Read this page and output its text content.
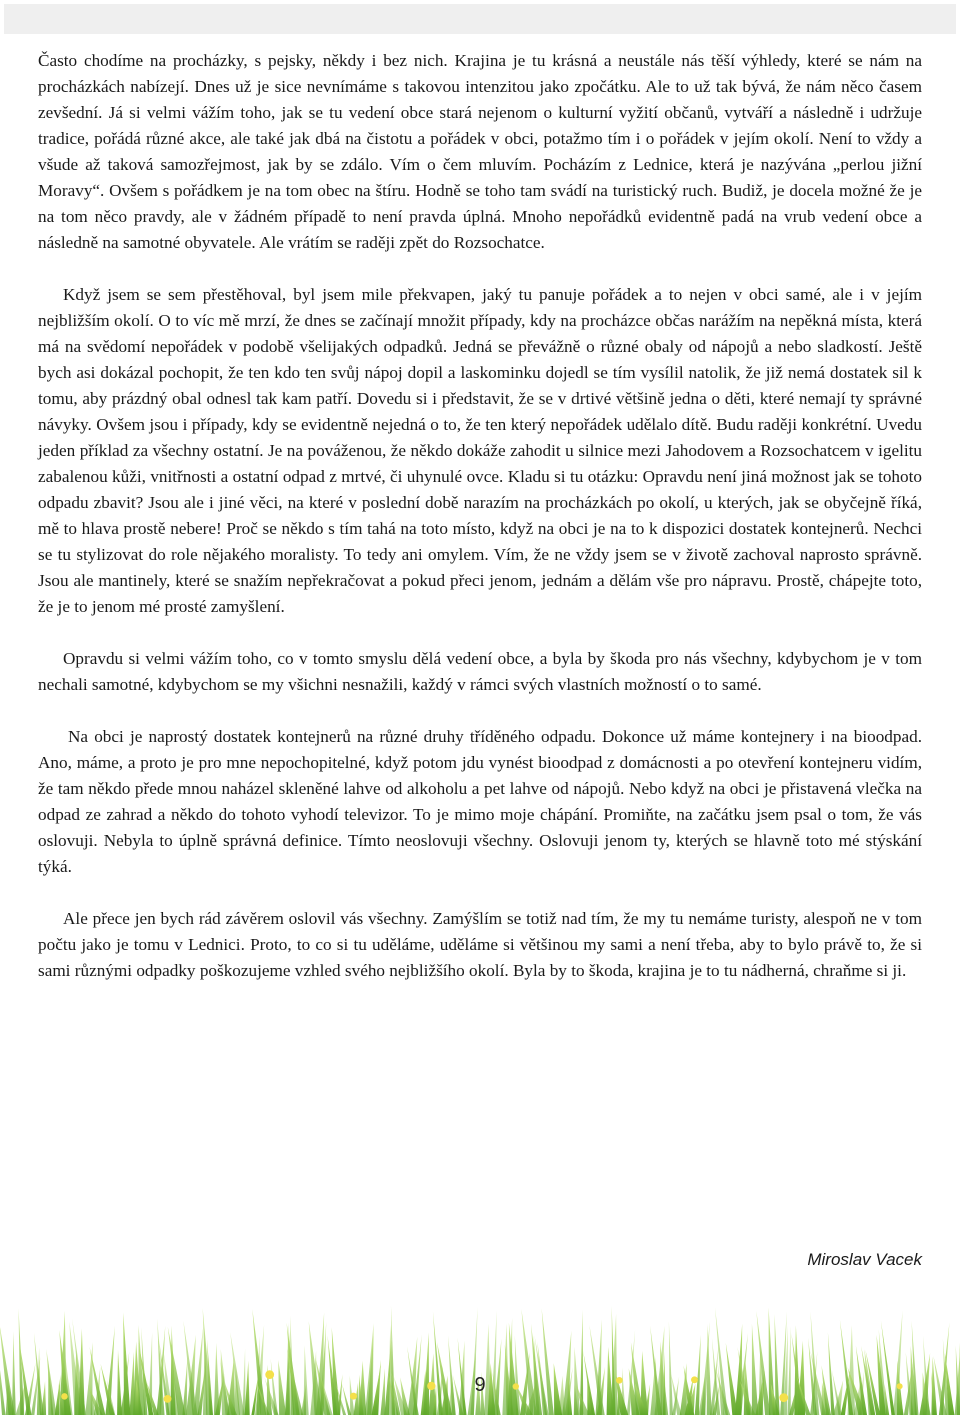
Často chodíme na procházky, s pejsky, někdy i bez nich. Krajina je tu krásná a neustále nás těší výhledy, které se nám na procházkách nabízejí. Dnes už je sice nevnímáme s takovou intenzitou jako zpočátku. Ale to už tak bývá, že nám něco časem zevšední. Já si velmi vážím toho, jak se tu vedení obce stará nejenom o kulturní vyžití občanů, vytváří a následně i udržuje tradice, pořádá různé akce, ale také jak dbá na čistotu a pořádek v obci, potažmo tím i o pořádek v jejím okolí. Není to vždy a všude až taková samozřejmost, jak by se zdálo. Vím o čem mluvím. Pocházím z Lednice, která je nazývána „perlou jižní Moravy“. Ovšem s pořádkem je na tom obec na štíru. Hodně se toho tam svádí na turistický ruch. Budiž, je docela možné že je na tom něco pravdy, ale v žádném případě to není pravda úplná. Mnoho nepořádků evidentně padá na vrub vedení obce a následně na samotné obyvatele. Ale vrátím se raději zpět do Rozsochatce.

Když jsem se sem přestěhoval, byl jsem mile překvapen, jaký tu panuje pořádek a to nejen v obci samé, ale i v jejím nejbližším okolí. O to víc mě mrzí, že dnes se začínají množit případy, kdy na procházce občas narážím na nepěkná místa, která má na svědomí nepořádek v podobě všelijakých odpadků. Jedná se převážně o různé obaly od nápojů a nebo sladkostí. Ještě bych asi dokázal pochopit, že ten kdo ten svůj nápoj dopil a laskominku dojedl se tím vysílil natolik, že již nemá dostatek sil k tomu, aby prázdný obal odnesl tak kam patří. Dovedu si i představit, že se v drtivé většině jedna o děti, které nemají ty správné návyky. Ovšem jsou i případy, kdy se evidentně nejedná o to, že ten který nepořádek udělalo dítě. Budu raději konkrétní. Uvedu jeden příklad za všechny ostatní. Je na pováženou, že někdo dokáže zahodit u silnice mezi Jahodovem a Rozsochatcem v igelitu zabalenou kůži, vnitřnosti a ostatní odpad z mrtvé, či uhynulé ovce. Kladu si tu otázku: Opravdu není jiná možnost jak se tohoto odpadu zbavit? Jsou ale i jiné věci, na které v poslední době narazím na procházkách po okolí, u kterých, jak se obyčejně říká, mě to hlava prostě nebere! Proč se někdo s tím tahá na toto místo, když na obci je na to k dispozici dostatek kontejnerů. Nechci se tu stylizovat do role nějakého moralisty. To tedy ani omylem. Vím, že ne vždy jsem se v životě zachoval naprosto správně. Jsou ale mantinely, které se snažím nepřekračovat a pokud přeci jenom, jednám a dělám vše pro nápravu. Prostě, chápejte toto, že je to jenom mé prosté zamyšlení.

Opravdu si velmi vážím toho, co v tomto smyslu dělá vedení obce, a byla by škoda pro nás všechny, kdybychom je v tom nechali samotné, kdybychom se my všichni nesnažili, každý v rámci svých vlastních možností o to samé.

Na obci je naprostý dostatek kontejnerů na různé druhy tříděného odpadu. Dokonce už máme kontejnery i na bioodpad. Ano, máme, a proto je pro mne nepochopitelné, když potom jdu vynést bioodpad z domácnosti a po otevření kontejneru vidím, že tam někdo přede mnou naházel skleněné lahve od alkoholu a pet lahve od nápojů. Nebo když na obci je přistavená vlečka na odpad ze zahrad a někdo do tohoto vyhodí televizor. To je mimo moje chápání. Promiňte, na začátku jsem psal o tom, že vás oslovuji. Nebyla to úplně správná definice. Tímto neoslovuji všechny. Oslovuji jenom ty, kterých se hlavně toto mé stýskání týká.

Ale přece jen bych rád závěrem oslovil vás všechny. Zamýšlím se totiž nad tím, že my tu nemáme turisty, alespoň ne v tom počtu jako je tomu v Lednici. Proto, to co si tu uděláme, uděláme si většinou my sami a není třeba, aby to bylo právě to, že si sami různými odpadky poškozujeme vzhled svého nejbližšího okolí. Byla by to škoda, krajina je to tu nádherná, chraňme si ji.

Miroslav Vacek
9
